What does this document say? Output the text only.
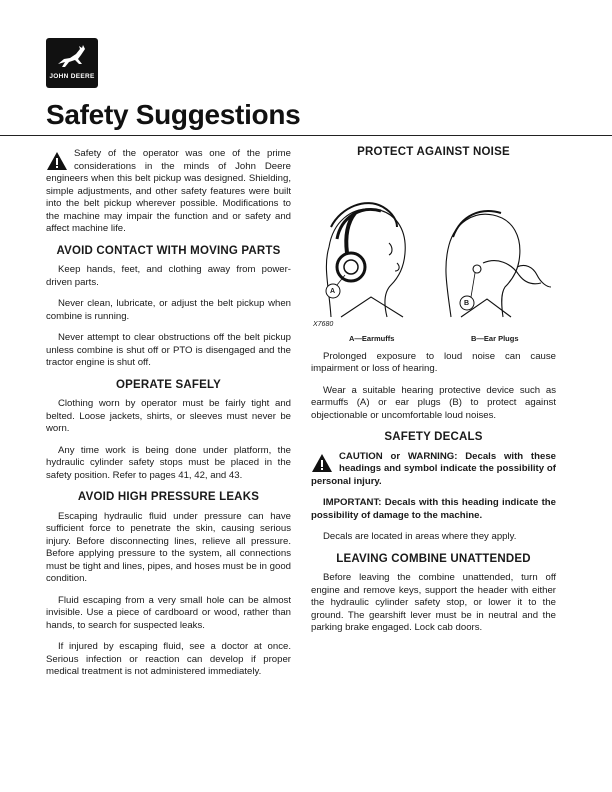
JOHN DEERE
Safety Suggestions

Safety of the operator was one of the prime considerations in the minds of John Deere engineers when this belt pickup was designed. Shielding, simple adjustments, and other safety features were built into the belt pickup wherever possible. Modifications to the machine may impair the function and or safety and affect machine life.

AVOID CONTACT WITH MOVING PARTS

Keep hands, feet, and clothing away from power-driven parts.

Never clean, lubricate, or adjust the belt pickup when combine is running.

Never attempt to clear obstructions off the belt pickup unless combine is shut off or PTO is disengaged and the tractor engine is shut off.

OPERATE SAFELY

Clothing worn by operator must be fairly tight and belted. Loose jackets, shirts, or sleeves must never be worn.

Any time work is being done under platform, the hydraulic cylinder safety stops must be placed in the safety position. Refer to pages 41, 42, and 43.

AVOID HIGH PRESSURE LEAKS

Escaping hydraulic fluid under pressure can have sufficient force to penetrate the skin, causing serious injury. Before disconnecting lines, relieve all pressure. Before applying pressure to the system, all connections must be tight and lines, pipes, and hoses must be in good condition.

Fluid escaping from a very small hole can be almost invisible. Use a piece of cardboard or wood, rather than hands, to search for suspected leaks.

If injured by escaping fluid, see a doctor at once. Serious infection or reaction can develop if proper medical treatment is not administered immediately.

PROTECT AGAINST NOISE
A
B
X7680
A—Earmuffs	B—Ear Plugs

Prolonged exposure to loud noise can cause impairment or loss of hearing.

Wear a suitable hearing protective device such as earmuffs (A) or ear plugs (B) to protect against objectionable or uncomfortable loud noises.

SAFETY DECALS

CAUTION or WARNING: Decals with these headings and symbol indicate the possibility of personal injury.

IMPORTANT: Decals with this heading indicate the possibility of damage to the machine.

Decals are located in areas where they apply.

LEAVING COMBINE UNATTENDED

Before leaving the combine unattended, turn off engine and remove keys, support the header with either the hydraulic cylinder safety stop, or lower it to the ground. The gearshift lever must be in neutral and the parking brake engaged. Lock cab doors.
